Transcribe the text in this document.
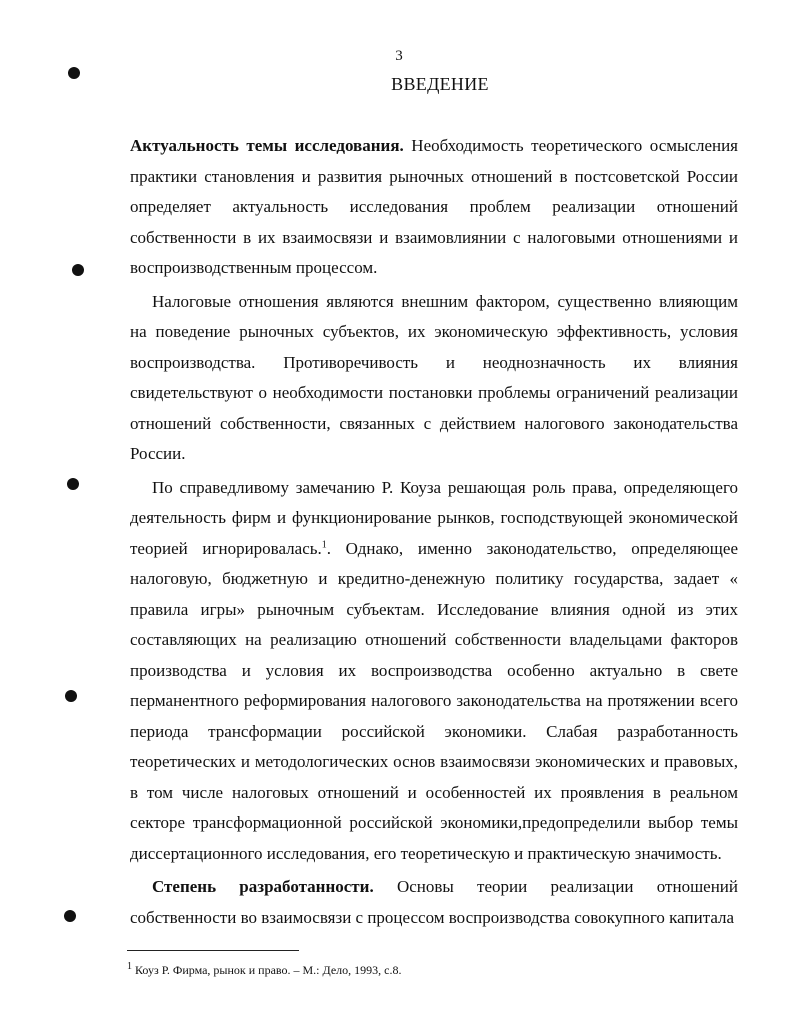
3
ВВЕДЕНИЕ

Актуальность темы исследования. Необходимость теоретического осмысления практики становления и развития рыночных отношений в постсоветской России определяет актуальность исследования проблем реализации отношений собственности в их взаимосвязи и взаимовлиянии с налоговыми отношениями и воспроизводственным процессом.

Налоговые отношения являются внешним фактором, существенно влияющим на поведение рыночных субъектов, их экономическую эффективность, условия воспроизводства. Противоречивость и неоднозначность их влияния свидетельствуют о необходимости постановки проблемы ограничений реализации отношений собственности, связанных с действием налогового законодательства России.

По справедливому замечанию Р. Коуза решающая роль права, определяющего деятельность фирм и функционирование рынков, господствующей экономической теорией игнорировалась.$^1$. Однако, именно законодательство, определяющее налоговую, бюджетную и кредитно-денежную политику государства, задает « правила игры» рыночным субъектам. Исследование влияния одной из этих составляющих на реализацию отношений собственности владельцами факторов производства и условия их воспроизводства особенно актуально в свете перманентного реформирования налогового законодательства на протяжении всего периода трансформации российской экономики. Слабая разработанность теоретических и методологических основ взаимосвязи экономических и правовых, в том числе налоговых отношений и особенностей их проявления в реальном секторе трансформационной российской экономики,предопределили выбор темы диссертационного исследования, его теоретическую и практическую значимость.

Степень разработанности. Основы теории реализации отношений собственности во взаимосвязи с процессом воспроизводства совокупного капитала

$^1$ Коуз Р. Фирма, рынок и право. – М.: Дело, 1993, с.8.
